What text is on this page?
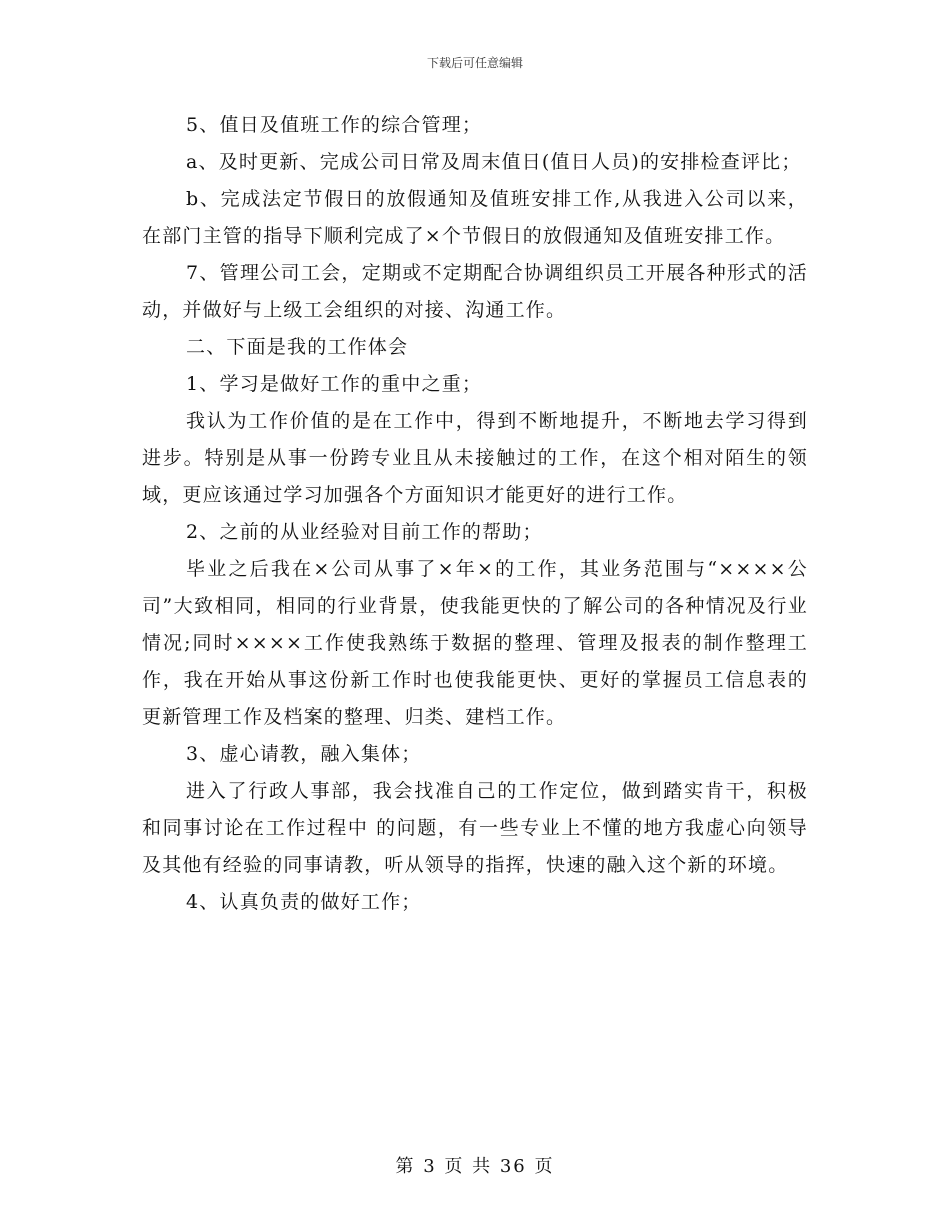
下载后可任意编辑

5、值日及值班工作的综合管理；

a、及时更新、完成公司日常及周末值日(值日人员)的安排检查评比；

b、完成法定节假日的放假通知及值班安排工作,从我进入公司以来，在部门主管的指导下顺利完成了×个节假日的放假通知及值班安排工作。

7、管理公司工会，定期或不定期配合协调组织员工开展各种形式的活动，并做好与上级工会组织的对接、沟通工作。

二、下面是我的工作体会

1、学习是做好工作的重中之重；

我认为工作价值的是在工作中，得到不断地提升，不断地去学习得到进步。特别是从事一份跨专业且从未接触过的工作，在这个相对陌生的领域，更应该通过学习加强各个方面知识才能更好的进行工作。

2、之前的从业经验对目前工作的帮助；

毕业之后我在×公司从事了×年×的工作，其业务范围与“××××公司”大致相同，相同的行业背景，使我能更快的了解公司的各种情况及行业情况;同时××××工作使我熟练于数据的整理、管理及报表的制作整理工作，我在开始从事这份新工作时也使我能更快、更好的掌握员工信息表的更新管理工作及档案的整理、归类、建档工作。

3、虚心请教，融入集体；

进入了行政人事部，我会找准自己的工作定位，做到踏实肯干，积极和同事讨论在工作过程中 的问题，有一些专业上不懂的地方我虚心向领导及其他有经验的同事请教，听从领导的指挥，快速的融入这个新的环境。

4、认真负责的做好工作；

第 3 页 共 36 页
